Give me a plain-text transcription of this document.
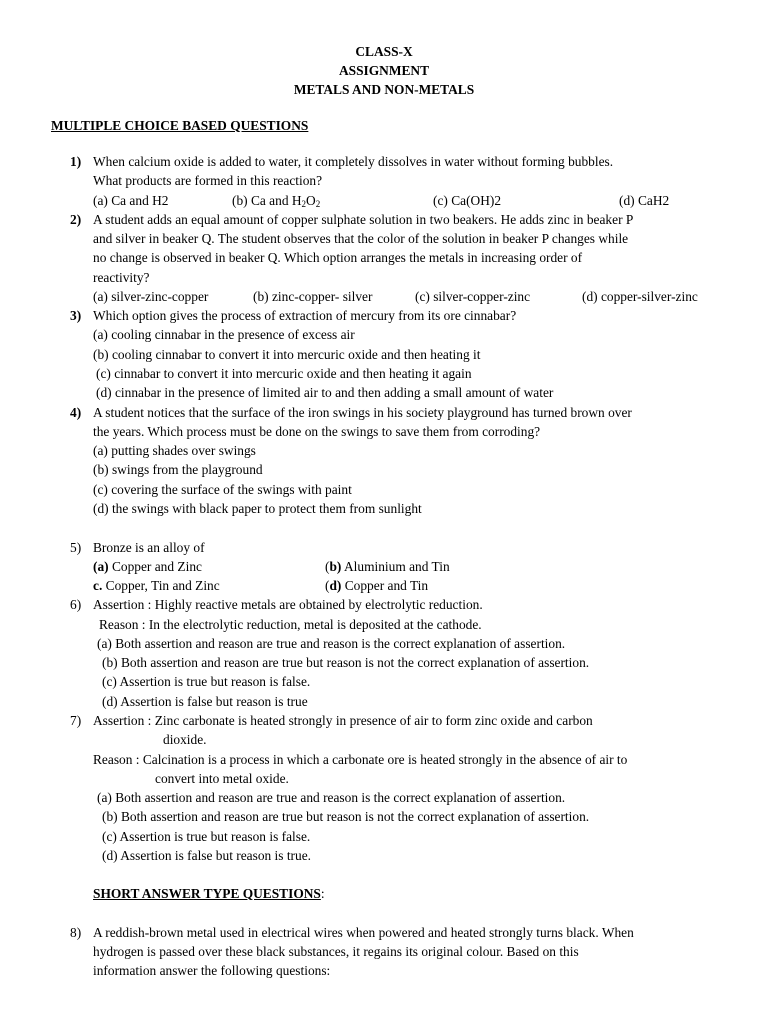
CLASS-X
ASSIGNMENT
METALS AND NON-METALS
MULTIPLE CHOICE BASED QUESTIONS
1) When calcium oxide is added to water, it completely dissolves in water without forming bubbles.
What products are formed in this reaction?
(a) Ca and H2	(b) Ca and $H_2O_2$	(c) Ca(OH)2	(d) CaH2
2) A student adds an equal amount of copper sulphate solution in two beakers. He adds zinc in beaker P
and silver in beaker Q. The student observes that the color of the solution in beaker P changes while
no change is observed in beaker Q. Which option arranges the metals in increasing order of
reactivity?
(a) silver-zinc-copper	(b) zinc-copper- silver	(c) silver-copper-zinc	(d) copper-silver-zinc
3) Which option gives the process of extraction of mercury from its ore cinnabar?
(a) cooling cinnabar in the presence of excess air
(b) cooling cinnabar to convert it into mercuric oxide and then heating it
(c) cinnabar to convert it into mercuric oxide and then heating it again
(d) cinnabar in the presence of limited air to and then adding a small amount of water
4) A student notices that the surface of the iron swings in his society playground has turned brown over
the years. Which process must be done on the swings to save them from corroding?
(a) putting shades over swings
(b) swings from the playground
(c) covering the surface of the swings with paint
(d) the swings with black paper to protect them from sunlight
5) Bronze is an alloy of
(a) Copper and Zinc	(b) Aluminium and Tin
c. Copper, Tin and Zinc	(d) Copper and Tin
6) Assertion : Highly reactive metals are obtained by electrolytic reduction.
Reason : In the electrolytic reduction, metal is deposited at the cathode.
(a) Both assertion and reason are true and reason is the correct explanation of assertion.
(b) Both assertion and reason are true but reason is not the correct explanation of assertion.
(c) Assertion is true but reason is false.
(d) Assertion is false but reason is true
7) Assertion : Zinc carbonate is heated strongly in presence of air to form zinc oxide and carbon
dioxide.
Reason : Calcination is a process in which a carbonate ore is heated strongly in the absence of air to
convert into metal oxide.
(a) Both assertion and reason are true and reason is the correct explanation of assertion.
(b) Both assertion and reason are true but reason is not the correct explanation of assertion.
(c) Assertion is true but reason is false.
(d) Assertion is false but reason is true.
SHORT ANSWER TYPE QUESTIONS:
8) A reddish-brown metal used in electrical wires when powered and heated strongly turns black. When
hydrogen is passed over these black substances, it regains its original colour. Based on this
information answer the following questions:
